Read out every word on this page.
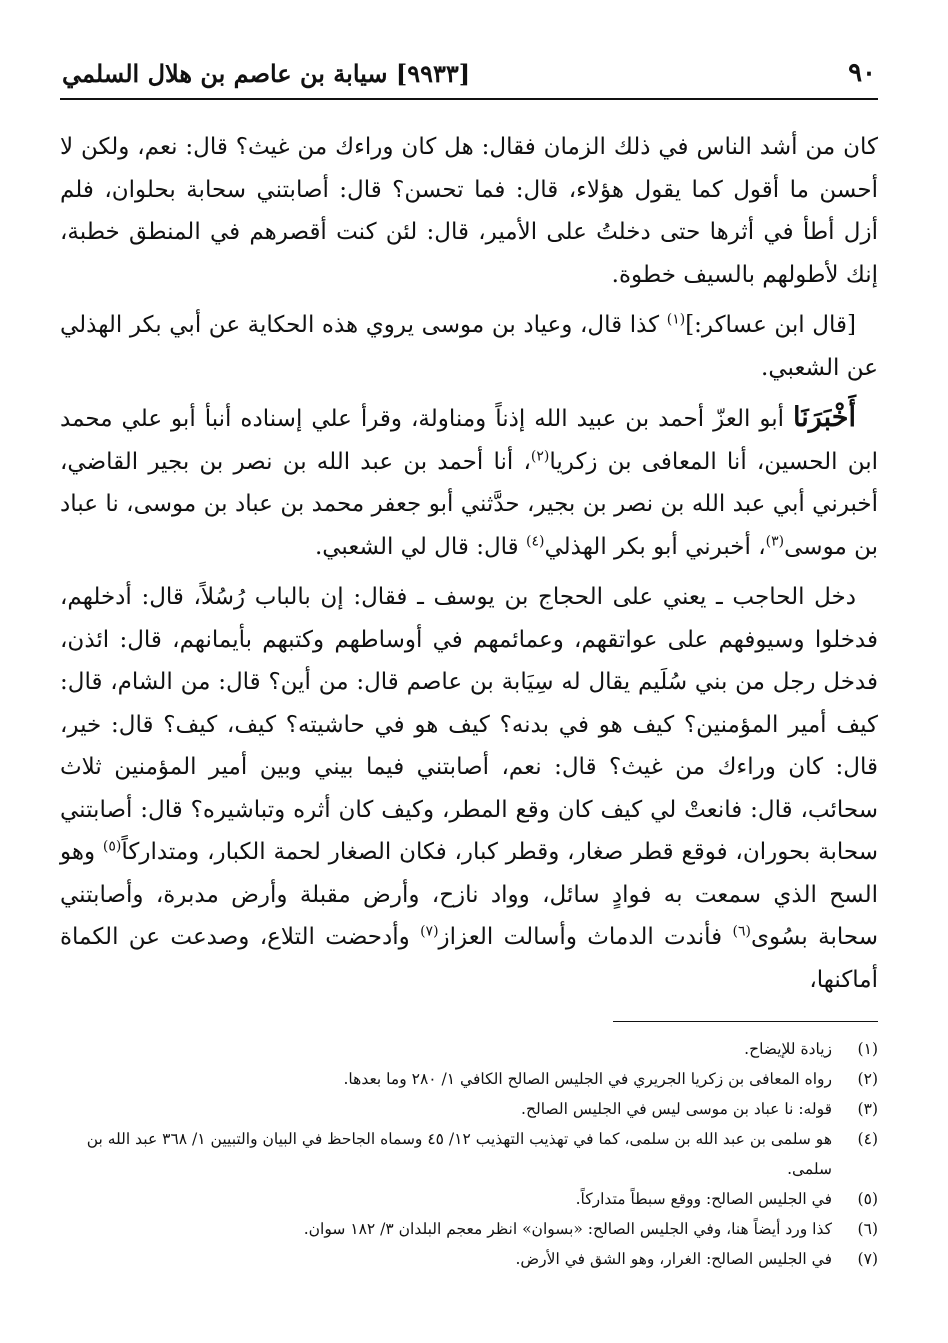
٩٠
[٩٩٣٣] سيابة بن عاصم بن هلال السلمي

كان من أشد الناس في ذلك الزمان فقال: هل كان وراءك من غيث؟ قال: نعم، ولكن لا أحسن ما أقول كما يقول هؤلاء، قال: فما تحسن؟ قال: أصابتني سحابة بحلوان، فلم أزل أطأ في أثرها حتى دخلتُ على الأمير، قال: لئن كنت أقصرهم في المنطق خطبة، إنك لأطولهم بالسيف خطوة.

[قال ابن عساكر:]$^{(١)}$ كذا قال، وعياد بن موسى يروي هذه الحكاية عن أبي بكر الهذلي عن الشعبي.

أَخْبَرَنَا أبو العزّ أحمد بن عبيد الله إذناً ومناولة، وقرأ علي إسناده أنبأ أبو علي محمد ابن الحسين، أنا المعافى بن زكريا$^{(٢)}$، أنا أحمد بن عبد الله بن نصر بن بجير القاضي، أخبرني أبي عبد الله بن نصر بن بجير، حدَّثني أبو جعفر محمد بن عباد بن موسى، نا عباد بن موسى$^{(٣)}$، أخبرني أبو بكر الهذلي$^{(٤)}$ قال: قال لي الشعبي.

دخل الحاجب ـ يعني على الحجاج بن يوسف ـ فقال: إن بالباب رُسُلاً، قال: أدخلهم، فدخلوا وسيوفهم على عواتقهم، وعمائمهم في أوساطهم وكتبهم بأيمانهم، قال: ائذن، فدخل رجل من بني سُلَيم يقال له سِيَابة بن عاصم قال: من أين؟ قال: من الشام، قال: كيف أمير المؤمنين؟ كيف هو في بدنه؟ كيف هو في حاشيته؟ كيف، كيف؟ قال: خير، قال: كان وراءك من غيث؟ قال: نعم، أصابتني فيما بيني وبين أمير المؤمنين ثلاث سحائب، قال: فانعتْ لي كيف كان وقع المطر، وكيف كان أثره وتباشيره؟ قال: أصابتني سحابة بحوران، فوقع قطر صغار، وقطر كبار، فكان الصغار لحمة الكبار، ومتداركاً$^{(٥)}$ وهو السح الذي سمعت به فوادٍ سائل، وواد نازح، وأرض مقبلة وأرض مدبرة، وأصابتني سحابة بسُوى$^{(٦)}$ فأندت الدماث وأسالت العزاز$^{(٧)}$ وأدحضت التلاع، وصدعت عن الكماة أماكنها،

(١)
زيادة للإيضاح.
(٢)
رواه المعافى بن زكريا الجريري في الجليس الصالح الكافي ١/ ٢٨٠ وما بعدها.
(٣)
قوله: نا عباد بن موسى ليس في الجليس الصالح.
(٤)
هو سلمى بن عبد الله بن سلمى، كما في تهذيب التهذيب ١٢/ ٤٥ وسماه الجاحظ في البيان والتبيين ١/ ٣٦٨ عبد الله بن سلمى.
(٥)
في الجليس الصالح: ووقع سبطاً متداركاً.
(٦)
كذا ورد أيضاً هنا، وفي الجليس الصالح: «بسوان» انظر معجم البلدان ٣/ ١٨٢ سوان.
(٧)
في الجليس الصالح: الغرار، وهو الشق في الأرض.
